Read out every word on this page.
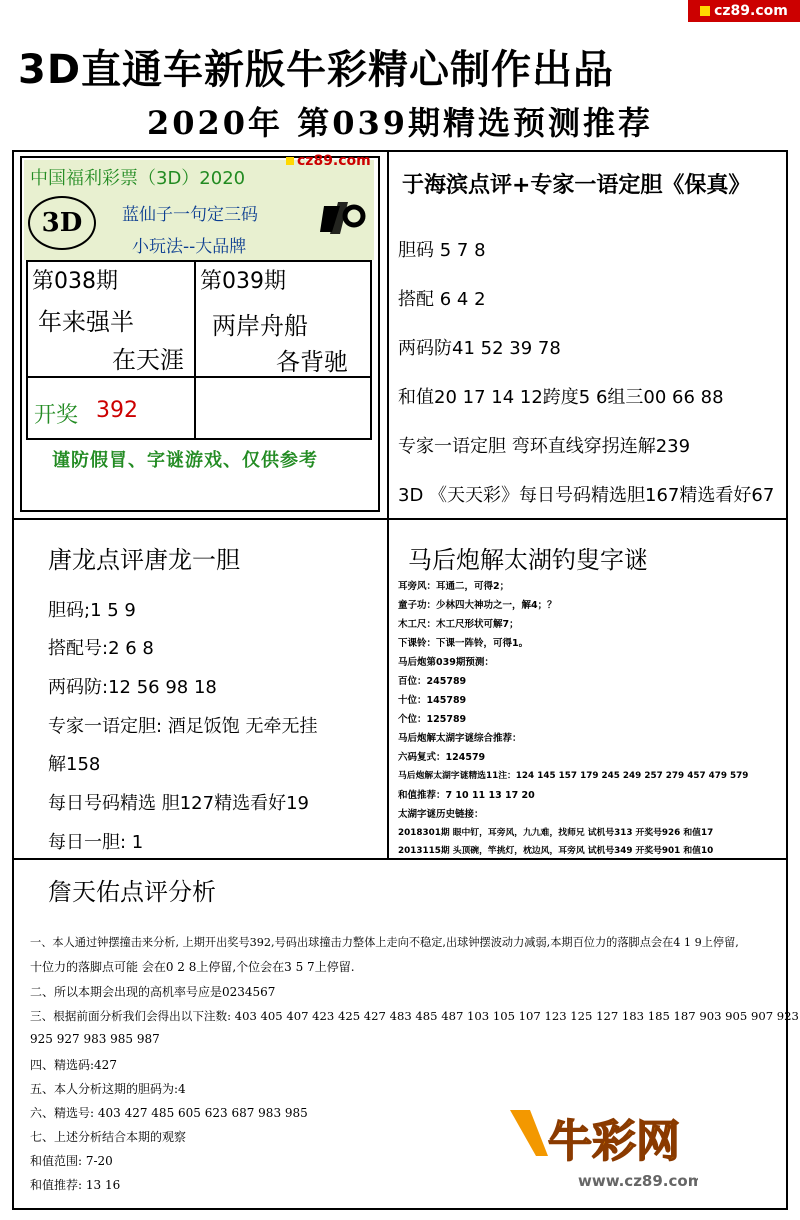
cz89.com
3D直通车新版牛彩精心制作出品
2020年 第039期精选预测推荐
中国福利彩票（3D）2020
cz89.com
3D	蓝仙子一句定三码
小玩法--大品牌
第038期
年来强半
在天涯
第039期
两岸舟船
各背驰
开奖 392
谨防假冒、字谜游戏、仅供参考
于海滨点评+专家一语定胆《保真》
胆码 5 7 8
搭配 6 4 2
两码防41 52 39 78
和值20 17 14 12跨度5 6组三00 66 88
专家一语定胆 弯环直线穿拐连解239
3D 《天天彩》每日号码精选胆167精选看好67
唐龙点评唐龙一胆
胆码;1 5 9
搭配号:2 6 8
两码防:12 56 98 18
专家一语定胆: 酒足饭饱 无牵无挂
解158
每日号码精选 胆127精选看好19
每日一胆: 1
马后炮解太湖钓叟字谜
耳旁风：耳通二，可得2；
童子功：少林四大神功之一，解4；？
木工尺：木工尺形状可解7；
下课铃：下课一阵铃，可得1。
马后炮第039期预测：
百位：245789
十位：145789
个位：125789
马后炮解太湖字谜综合推荐：
六码复式：124579
马后炮解太湖字谜精选11注：124 145 157 179 245 249 257 279 457 479 579
和值推荐：7 10 11 13 17 20
太湖字谜历史链接：
2018301期 眼中钉，耳旁风，九九难，找师兄 试机号313 开奖号926 和值17
2013115期 头顶碗，竿挑灯，枕边风，耳旁风 试机号349 开奖号901 和值10
詹天佑点评分析
一、本人通过钟摆撞击来分析, 上期开出奖号392,号码出球撞击力整体上走向不稳定,出球钟摆波动力减弱,本期百位力的落脚点会在4 1 9上停留,
十位力的落脚点可能 会在0 2 8上停留,个位会在3 5 7上停留.
二、所以本期会出现的高机率号应是0234567
三、根据前面分析我们会得出以下注数: 403 405 407 423 425 427 483 485 487 103 105 107 123 125 127 183 185 187 903 905 907 923
925 927 983 985 987
四、精选码:427
五、本人分析这期的胆码为:4
六、精选号: 403 427 485 605 623 687 983 985
七、上述分析结合本期的观察
和值范围: 7-20
和值推荐: 13 16
牛彩网
www.cz89.com
